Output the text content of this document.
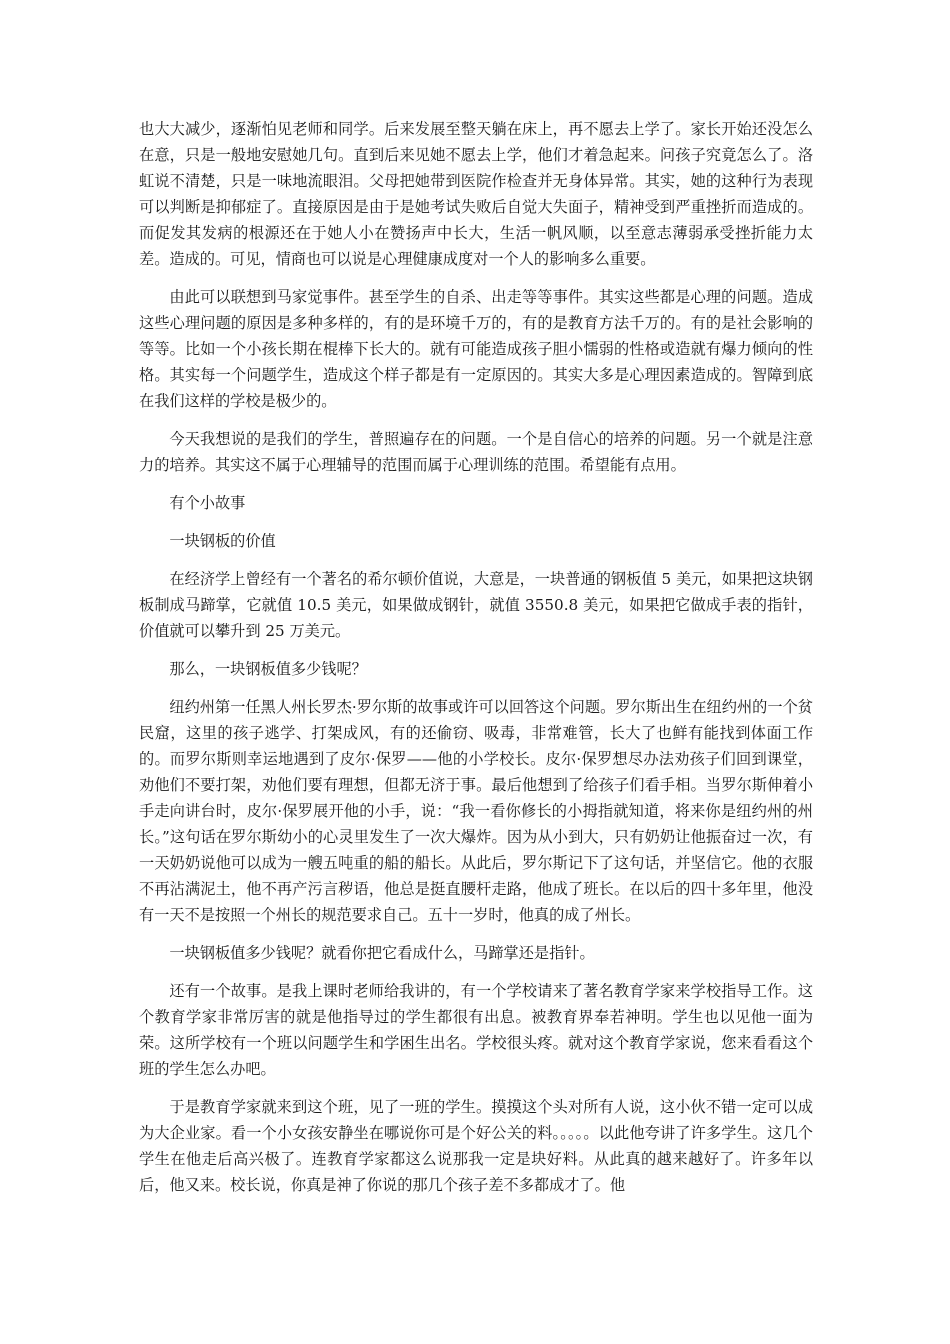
也大大减少，逐渐怕见老师和同学。后来发展至整天躺在床上，再不愿去上学了。家长开始还没怎么在意，只是一般地安慰她几句。直到后来见她不愿去上学，他们才着急起来。问孩子究竟怎么了。洛虹说不清楚，只是一味地流眼泪。父母把她带到医院作检查并无身体异常。其实，她的这种行为表现可以判断是抑郁症了。直接原因是由于是她考试失败后自觉大失面子，精神受到严重挫折而造成的。而促发其发病的根源还在于她人小在赞扬声中长大，生活一帆风顺，以至意志薄弱承受挫折能力太差。造成的。可见，情商也可以说是心理健康成度对一个人的影响多么重要。

由此可以联想到马家觉事件。甚至学生的自杀、出走等等事件。其实这些都是心理的问题。造成这些心理问题的原因是多种多样的，有的是环境千万的，有的是教育方法千万的。有的是社会影响的等等。比如一个小孩长期在棍棒下长大的。就有可能造成孩子胆小懦弱的性格或造就有爆力倾向的性格。其实每一个问题学生，造成这个样子都是有一定原因的。其实大多是心理因素造成的。智障到底在我们这样的学校是极少的。

今天我想说的是我们的学生，普照遍存在的问题。一个是自信心的培养的问题。另一个就是注意力的培养。其实这不属于心理辅导的范围而属于心理训练的范围。希望能有点用。

有个小故事

一块钢板的价值

在经济学上曾经有一个著名的希尔顿价值说，大意是，一块普通的钢板值 5 美元，如果把这块钢板制成马蹄掌，它就值 10.5 美元，如果做成钢针，就值 3550.8 美元，如果把它做成手表的指针，价值就可以攀升到 25 万美元。

那么，一块钢板值多少钱呢？

纽约州第一任黑人州长罗杰·罗尔斯的故事或许可以回答这个问题。罗尔斯出生在纽约州的一个贫民窟，这里的孩子逃学、打架成风，有的还偷窃、吸毒，非常难管，长大了也鲜有能找到体面工作的。而罗尔斯则幸运地遇到了皮尔·保罗——他的小学校长。皮尔·保罗想尽办法劝孩子们回到课堂，劝他们不要打架，劝他们要有理想，但都无济于事。最后他想到了给孩子们看手相。当罗尔斯伸着小手走向讲台时，皮尔·保罗展开他的小手，说：“我一看你修长的小拇指就知道，将来你是纽约州的州长。”这句话在罗尔斯幼小的心灵里发生了一次大爆炸。因为从小到大，只有奶奶让他振奋过一次，有一天奶奶说他可以成为一艘五吨重的船的船长。从此后，罗尔斯记下了这句话，并坚信它。他的衣服不再沾满泥土，他不再产污言秽语，他总是挺直腰杆走路，他成了班长。在以后的四十多年里，他没有一天不是按照一个州长的规范要求自己。五十一岁时，他真的成了州长。

一块钢板值多少钱呢？就看你把它看成什么，马蹄掌还是指针。

还有一个故事。是我上课时老师给我讲的，有一个学校请来了著名教育学家来学校指导工作。这个教育学家非常厉害的就是他指导过的学生都很有出息。被教育界奉若神明。学生也以见他一面为荣。这所学校有一个班以问题学生和学困生出名。学校很头疼。就对这个教育学家说，您来看看这个班的学生怎么办吧。

于是教育学家就来到这个班，见了一班的学生。摸摸这个头对所有人说，这小伙不错一定可以成为大企业家。看一个小女孩安静坐在哪说你可是个好公关的料。。。。。以此他夸讲了许多学生。这几个学生在他走后高兴极了。连教育学家都这么说那我一定是块好料。从此真的越来越好了。许多年以后，他又来。校长说，你真是神了你说的那几个孩子差不多都成才了。他
